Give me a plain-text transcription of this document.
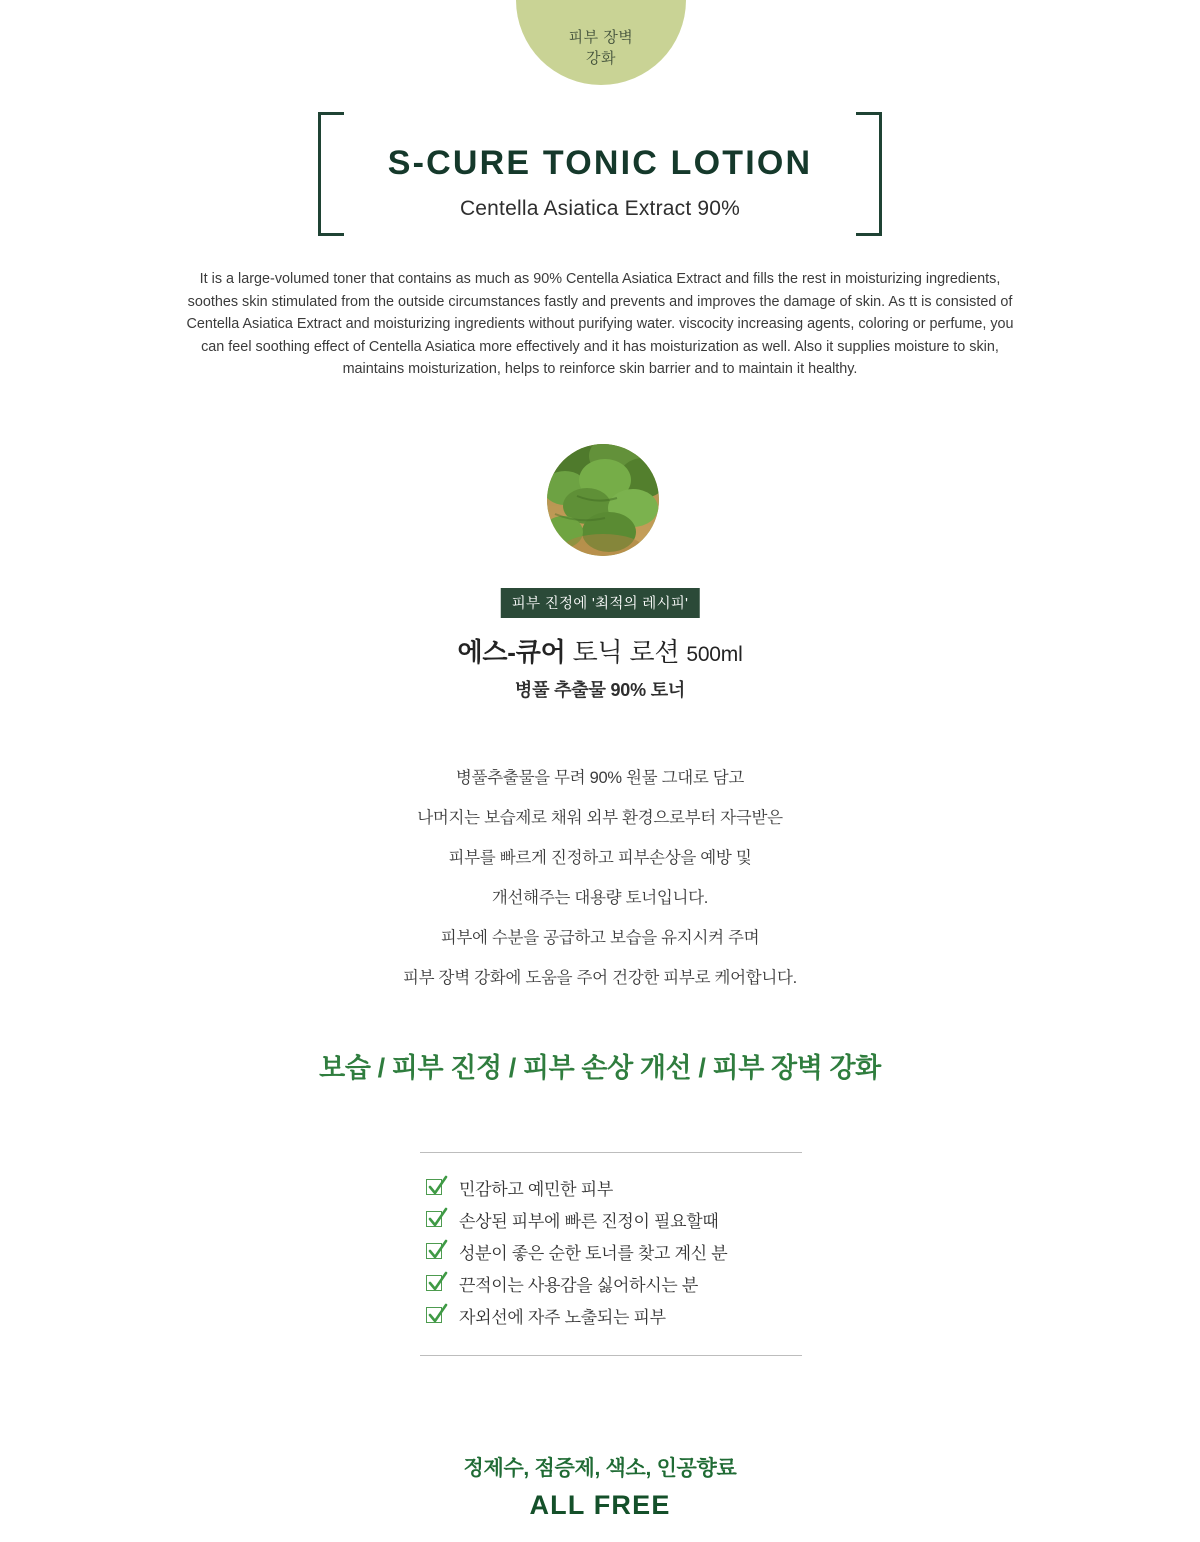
피부 장벽
강화
S-CURE TONIC LOTION
Centella Asiatica Extract 90%
It is a large-volumed toner that contains as much as 90% Centella Asiatica Extract and fills the rest in moisturizing ingredients, soothes skin stimulated from the outside circumstances fastly and prevents and improves the damage of skin. As tt is consisted of Centella Asiatica Extract and moisturizing ingredients without purifying water. viscocity increasing agents, coloring or perfume, you can feel soothing effect of Centella Asiatica more effectively and it has moisturization as well. Also it supplies moisture to skin, maintains moisturization, helps to reinforce skin barrier and to maintain it healthy.
피부 진정에 '최적의 레시피'
에스-큐어 토닉 로션 500ml
병풀 추출물 90% 토너
병풀추출물을 무려 90% 원물 그대로 담고
나머지는 보습제로 채워 외부 환경으로부터 자극받은
피부를 빠르게 진정하고 피부손상을 예방 및
개선해주는 대용량 토너입니다.
피부에 수분을 공급하고 보습을 유지시켜 주며
피부 장벽 강화에 도움을 주어 건강한 피부로 케어합니다.
보습 / 피부 진정 / 피부 손상 개선 / 피부 장벽 강화
민감하고 예민한 피부
손상된 피부에 빠른 진정이 필요할때
성분이 좋은 순한 토너를 찾고 계신 분
끈적이는 사용감을 싫어하시는 분
자외선에 자주 노출되는 피부
정제수, 점증제, 색소, 인공향료
ALL FREE
